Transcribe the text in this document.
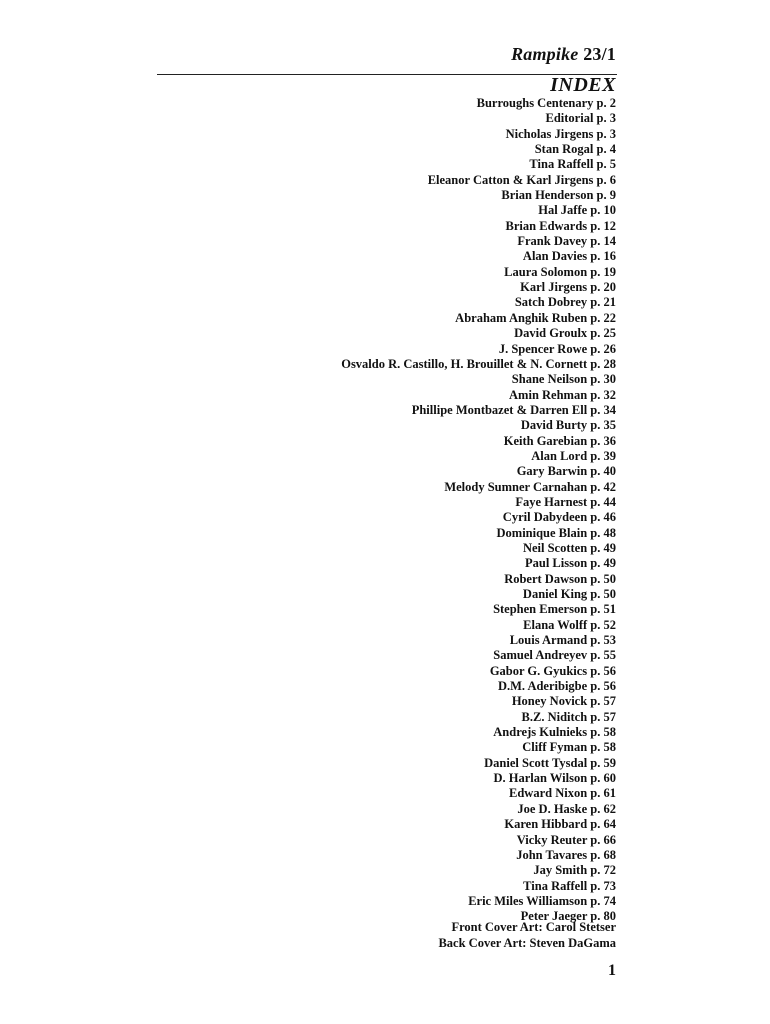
Rampike 23/1
INDEX
Burroughs Centenary p. 2
Editorial p. 3
Nicholas Jirgens p. 3
Stan Rogal p. 4
Tina Raffell p. 5
Eleanor Catton & Karl Jirgens p. 6
Brian Henderson p. 9
Hal Jaffe p. 10
Brian Edwards p. 12
Frank Davey p. 14
Alan Davies p. 16
Laura Solomon p. 19
Karl Jirgens p. 20
Satch Dobrey p. 21
Abraham Anghik Ruben p. 22
David Groulx p. 25
J. Spencer Rowe p. 26
Osvaldo R. Castillo, H. Brouillet & N. Cornett p. 28
Shane Neilson p. 30
Amin Rehman p. 32
Phillipe Montbazet & Darren Ell p. 34
David Burty p. 35
Keith Garebian p. 36
Alan Lord p. 39
Gary Barwin p. 40
Melody Sumner Carnahan p. 42
Faye Harnest p. 44
Cyril Dabydeen p. 46
Dominique Blain p. 48
Neil Scotten p. 49
Paul Lisson p. 49
Robert Dawson p. 50
Daniel King p. 50
Stephen Emerson p. 51
Elana Wolff p. 52
Louis Armand p. 53
Samuel Andreyev p. 55
Gabor G. Gyukics p. 56
D.M. Aderibigbe p. 56
Honey Novick p. 57
B.Z. Niditch p. 57
Andrejs Kulnieks p. 58
Cliff Fyman p. 58
Daniel Scott Tysdal p. 59
D. Harlan Wilson p. 60
Edward Nixon p. 61
Joe D. Haske p. 62
Karen Hibbard p. 64
Vicky Reuter p. 66
John Tavares p. 68
Jay Smith p. 72
Tina Raffell p. 73
Eric Miles Williamson p. 74
Peter Jaeger p. 80
Front Cover Art: Carol Stetser
Back Cover Art: Steven DaGama
1
